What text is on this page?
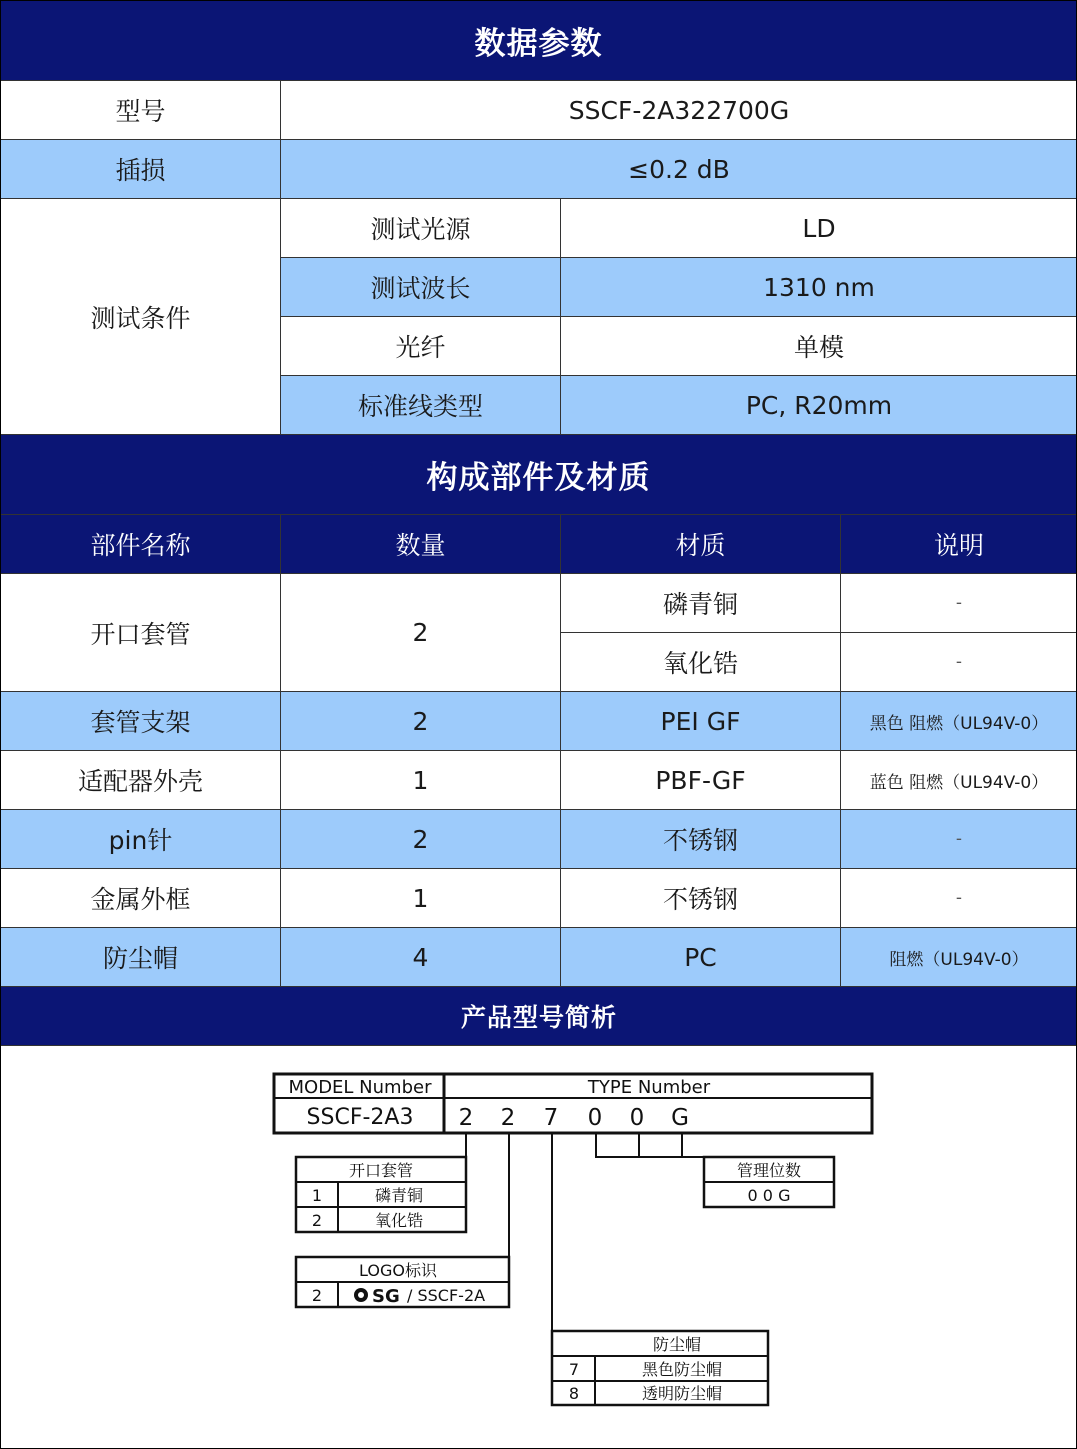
数据参数
型号	SSCF-2A322700G
插损	≤0.2 dB
测试条件
测试光源	LD
测试波长	1310 nm
光纤	单模
标准线类型	PC, R20mm
构成部件及材质
部件名称	数量	材质	说明
开口套管	2
磷青铜	-
氧化锆	-
套管支架	2	PEI GF	黑色 阻燃（UL94V-0）
适配器外壳	1	PBF-GF	蓝色 阻燃（UL94V-0）
pin针	2	不锈钢	-
金属外框	1	不锈钢	-
防尘帽	4	PC	阻燃（UL94V-0）
产品型号简析
MODEL Number	TYPE Number
SSCF-2A3 2 2 7 0 0 G
开口套管
1	磷青铜
2	氧化锆
LOGO标识
2	SG / SSCF-2A
管理位数
0 0 G
防尘帽
7	黑色防尘帽
8	透明防尘帽
